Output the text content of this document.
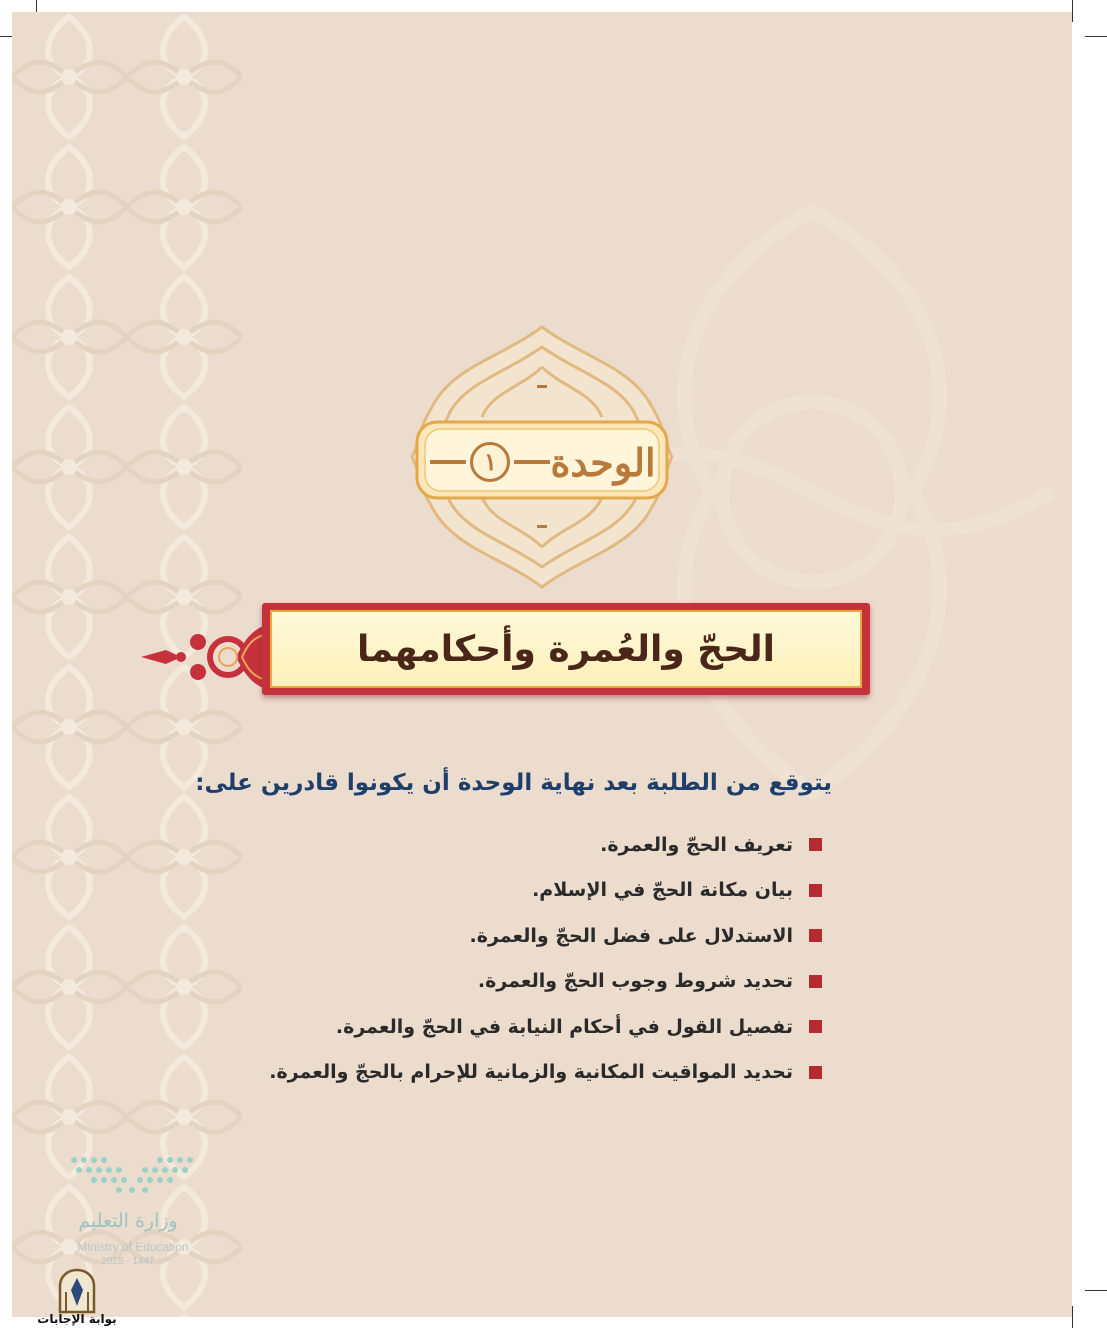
الوحدة
١
الحجّ والعُمرة وأحكامهما
يتوقع من الطلبة بعد نهاية الوحدة أن يكونوا قادرين على:
تعريف الحجّ والعمرة.
بيان مكانة الحجّ في الإسلام.
الاستدلال على فضل الحجّ والعمرة.
تحديد شروط وجوب الحجّ والعمرة.
تفصيل القول في أحكام النيابة في الحجّ والعمرة.
تحديد المواقيت المكانية والزمانية للإحرام بالحجّ والعمرة.
وزارة التعليم
Ministry of Education
2025 - 1447
بوابة الإجابات
